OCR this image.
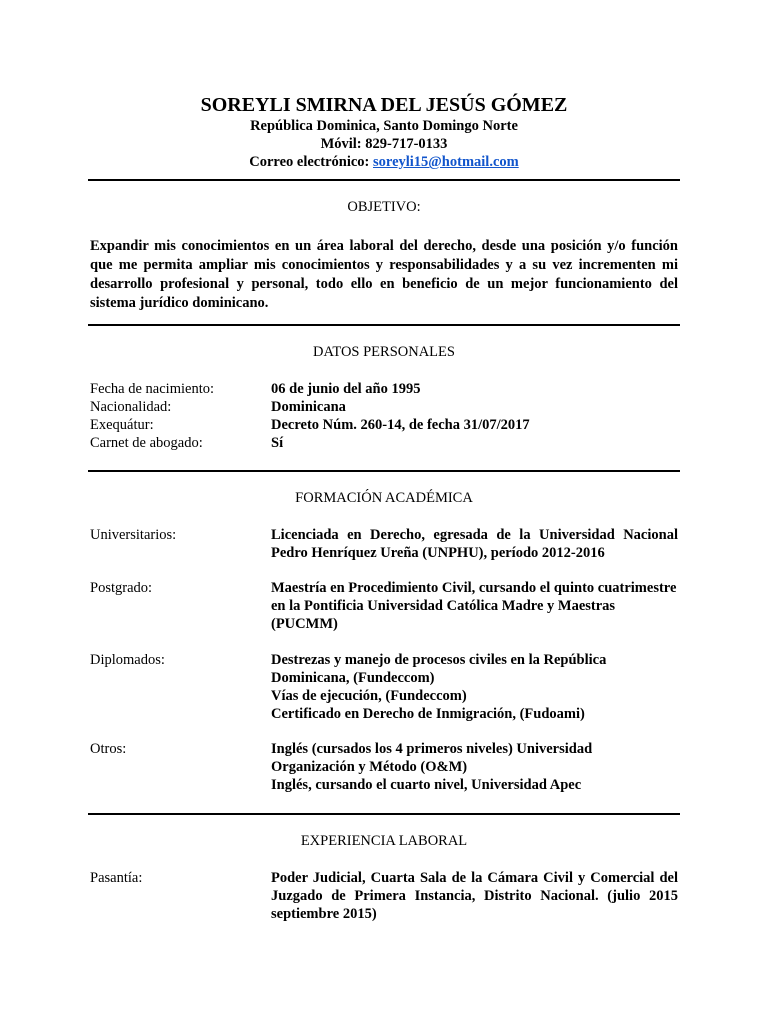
SOREYLI SMIRNA DEL JESÚS GÓMEZ

República Dominica, Santo Domingo Norte

Móvil: 829-717-0133

Correo electrónico: soreyli15@hotmail.com

OBJETIVO:

Expandir mis conocimientos en un área laboral del derecho, desde una posición y/o función que me permita ampliar mis conocimientos y responsabilidades y a su vez incrementen mi desarrollo profesional y personal, todo ello en beneficio de un mejor funcionamiento del sistema jurídico dominicano.

DATOS PERSONALES
Fecha de nacimiento:	06 de junio del año 1995
Nacionalidad:	Dominicana
Exequátur:	Decreto Núm. 260-14, de fecha 31/07/2017
Carnet de abogado:	Sí
FORMACIÓN ACADÉMICA
Universitarios:	Licenciada en Derecho, egresada de la Universidad Nacional Pedro Henríquez Ureña (UNPHU), período 2012-2016
Postgrado:	Maestría en Procedimiento Civil, cursando el quinto cuatrimestre en la Pontificia Universidad Católica Madre y Maestras (PUCMM)
Diplomados:	Destrezas y manejo de procesos civiles en la República Dominicana, (Fundeccom)
Vías de ejecución, (Fundeccom)
Certificado en Derecho de Inmigración, (Fudoami)
Otros:	Inglés (cursados los 4 primeros niveles) Universidad
Organización y Método (O&M)
Inglés, cursando el cuarto nivel, Universidad Apec
EXPERIENCIA LABORAL
Pasantía:	Poder Judicial, Cuarta Sala de la Cámara Civil y Comercial del Juzgado de Primera Instancia, Distrito Nacional. (julio 2015 septiembre 2015)
